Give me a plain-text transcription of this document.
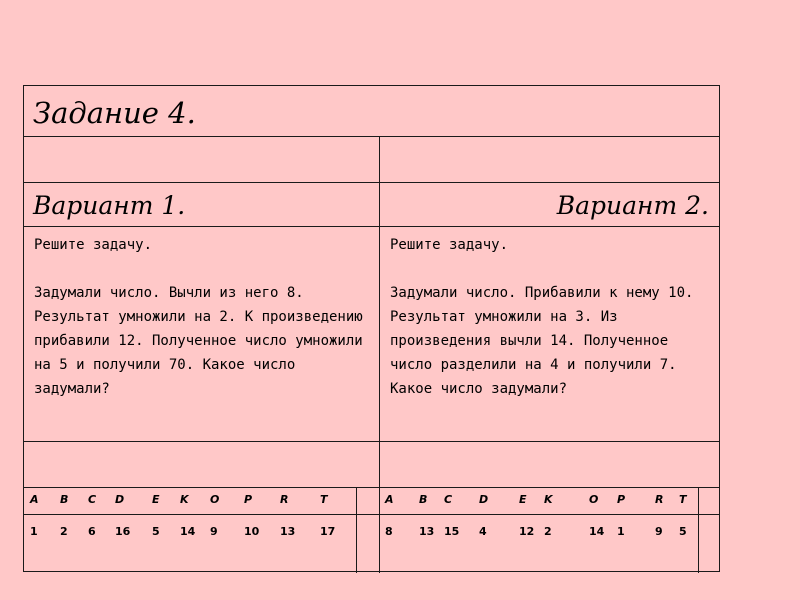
Задание 4.
Вариант 1.	Вариант 2.
Решите задачу.

Задумали число. Вычли из него 8. Результат умножили на 2. К произведению прибавили 12. Полученное число умножили на 5 и получили 70. Какое число задумали?
Решите задачу.

Задумали число. Прибавили к нему 10. Результат умножили на 3. Из произведения вычли 14. Полученное число разделили на 4 и получили 7. Какое число задумали?
A B C D	E K O P	R	T
1 2 6 16 5 14 9 10 13 17
A B C D	E K	O P	R T
8 13 15 4	12 2	14 1	9 5
